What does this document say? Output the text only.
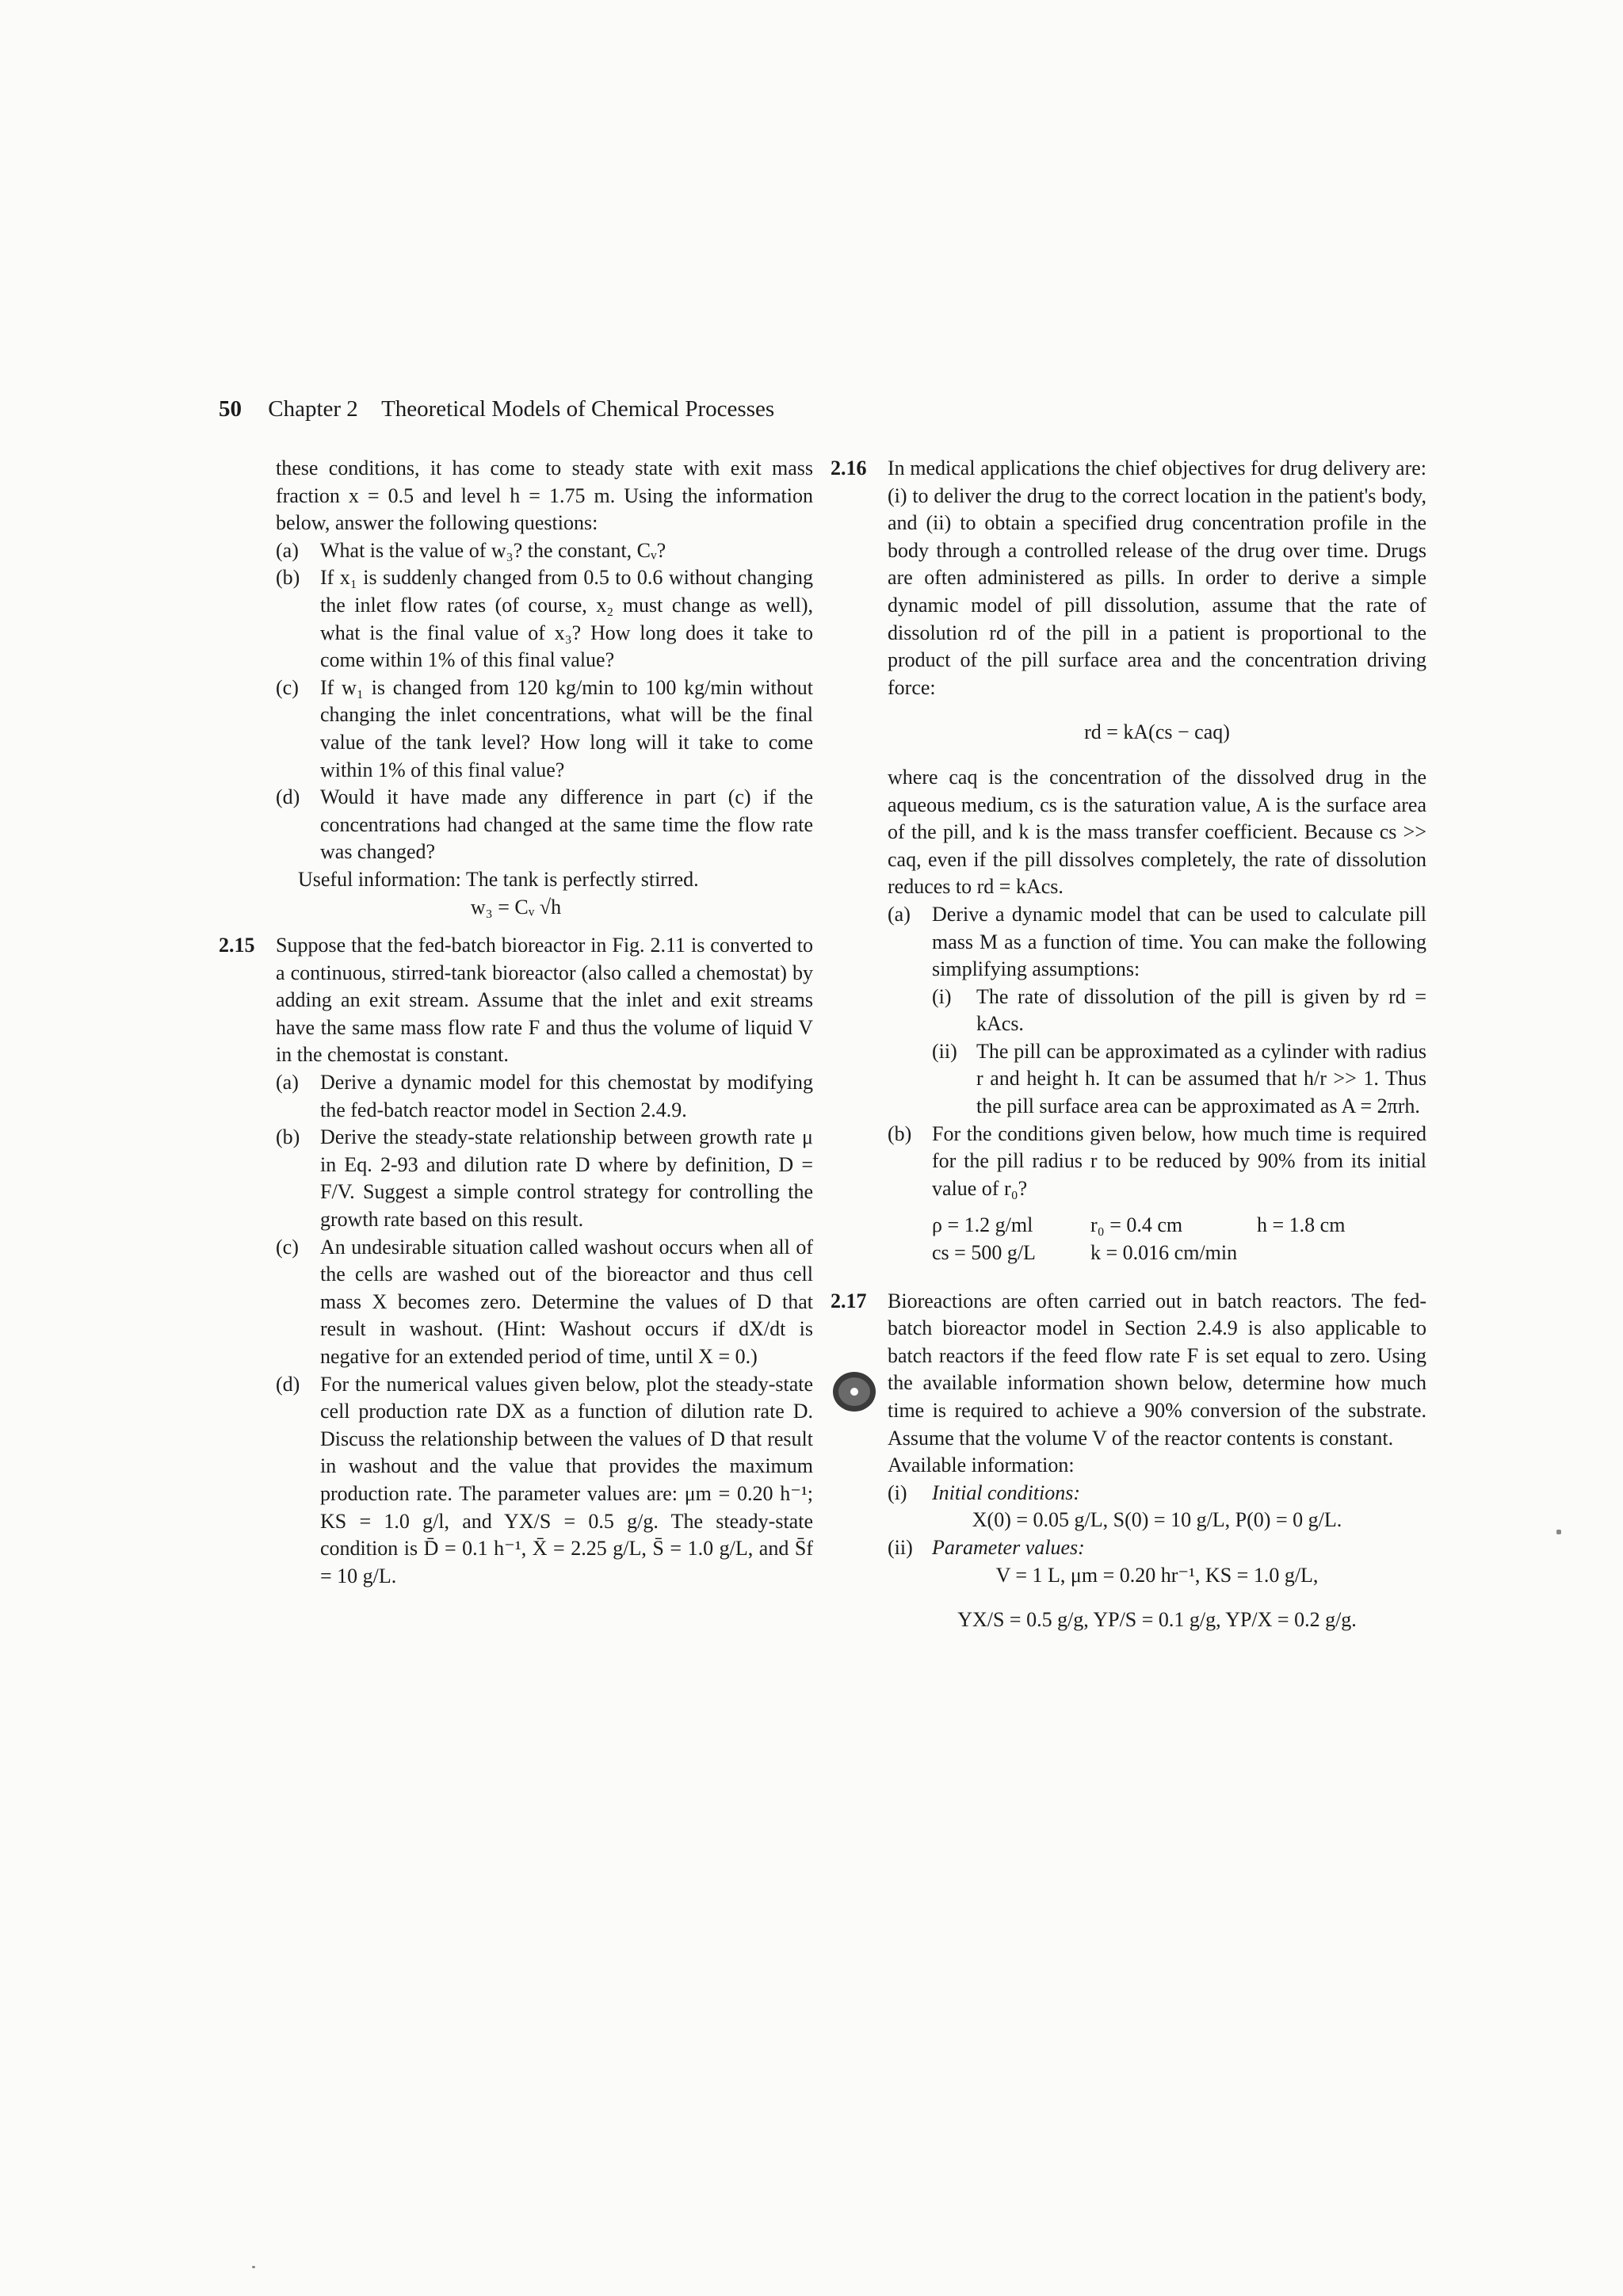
50 Chapter 2 Theoretical Models of Chemical Processes

these conditions, it has come to steady state with exit mass fraction x = 0.5 and level h = 1.75 m. Using the information below, answer the following questions:

(a)	What is the value of w₃? the constant, Cᵥ?
(b) If x₁ is suddenly changed from 0.5 to 0.6 without changing the inlet flow rates (of course, x₂ must change as well), what is the final value of x₃? How long does it take to come within 1% of this final value?
(c)	If w₁ is changed from 120 kg/min to 100 kg/min without changing the inlet concentrations, what will be the final value of the tank level? How long will it take to come within 1% of this final value?
(d) Would it have made any difference in part (c) if the concentrations had changed at the same time the flow rate was changed?

Useful information: The tank is perfectly stirred.

w₃ = Cᵥ √h

2.15	Suppose that the fed-batch bioreactor in Fig. 2.11 is converted to a continuous, stirred-tank bioreactor (also called a chemostat) by adding an exit stream. Assume that the inlet and exit streams have the same mass flow rate F and thus the volume of liquid V in the chemostat is constant.

(a)	Derive a dynamic model for this chemostat by modifying the fed-batch reactor model in Section 2.4.9.
(b) Derive the steady-state relationship between growth rate μ in Eq. 2-93 and dilution rate D where by definition, D = F/V. Suggest a simple control strategy for controlling the growth rate based on this result.
(c)	An undesirable situation called washout occurs when all of the cells are washed out of the bioreactor and thus cell mass X becomes zero. Determine the values of D that result in washout. (Hint: Washout occurs if dX/dt is negative for an extended period of time, until X = 0.)
(d) For the numerical values given below, plot the steady-state cell production rate DX as a function of dilution rate D. Discuss the relationship between the values of D that result in washout and the value that provides the maximum production rate. The parameter values are: μm = 0.20 h⁻¹; KS = 1.0 g/l, and YX/S = 0.5 g/g. The steady-state condition is D̄ = 0.1 h⁻¹, X̄ = 2.25 g/L, S̄ = 1.0 g/L, and S̄f = 10 g/L.
2.16	In medical applications the chief objectives for drug delivery are: (i) to deliver the drug to the correct location in the patient's body, and (ii) to obtain a specified drug concentration profile in the body through a controlled release of the drug over time. Drugs are often administered as pills. In order to derive a simple dynamic model of pill dissolution, assume that the rate of dissolution rd of the pill in a patient is proportional to the product of the pill surface area and the concentration driving force:

rd = kA(cs − caq)

where caq is the concentration of the dissolved drug in the aqueous medium, cs is the saturation value, A is the surface area of the pill, and k is the mass transfer coefficient. Because cs >> caq, even if the pill dissolves completely, the rate of dissolution reduces to rd = kAcs.

(a)	Derive a dynamic model that can be used to calculate pill mass M as a function of time. You can make the following simplifying assumptions:
(i)	The rate of dissolution of the pill is given by rd = kAcs.
(ii) The pill can be approximated as a cylinder with radius r and height h. It can be assumed that h/r >> 1. Thus the pill surface area can be approximated as A = 2πrh.
(b) For the conditions given below, how much time is required for the pill radius r to be reduced by 90% from its initial value of r₀?
ρ = 1.2 g/ml	r₀ = 0.4 cm	h = 1.8 cm
cs = 500 g/L	k = 0.016 cm/min
2.17	Bioreactions are often carried out in batch reactors. The fed-batch bioreactor model in Section 2.4.9 is also applicable to batch reactors if the feed flow rate F is set equal to zero. Using the available information shown below, determine how much time is required to achieve a 90% conversion of the substrate. Assume that the volume V of the reactor contents is constant.

Available information:

(i)	Initial conditions:

X(0) = 0.05 g/L, S(0) = 10 g/L, P(0) = 0 g/L.

(ii) Parameter values:

V = 1 L, μm = 0.20 hr⁻¹, KS = 1.0 g/L,

YX/S = 0.5 g/g, YP/S = 0.1 g/g, YP/X = 0.2 g/g.
